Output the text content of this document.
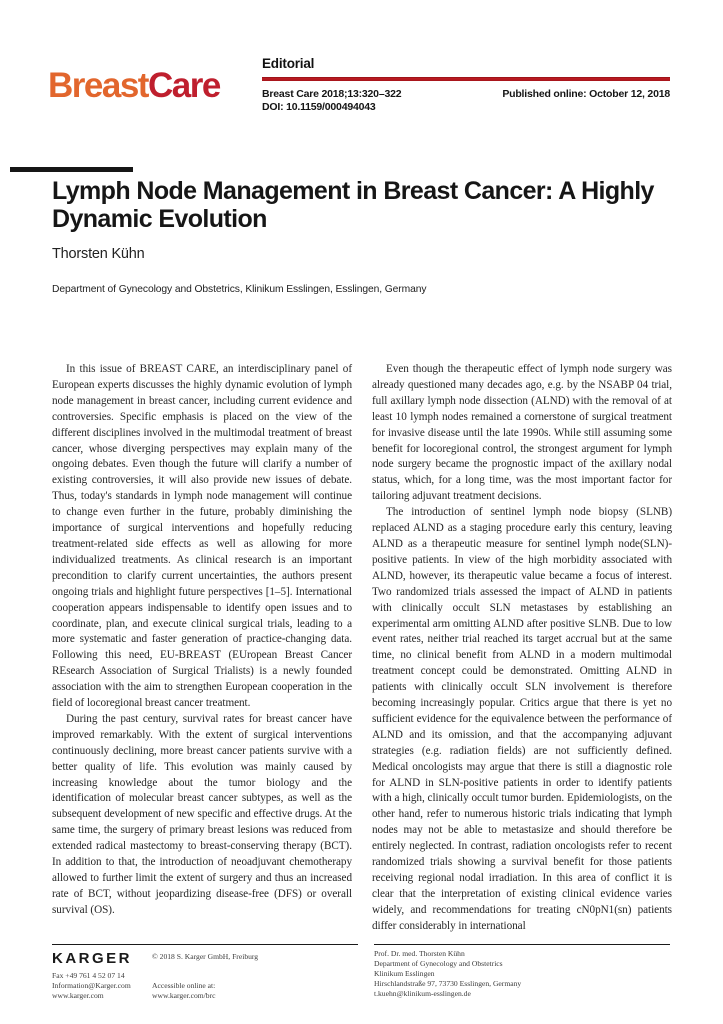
BreastCare
Editorial
Breast Care 2018;13:320–322
DOI: 10.1159/000494043
Published online: October 12, 2018
Lymph Node Management in Breast Cancer: A Highly Dynamic Evolution
Thorsten Kühn
Department of Gynecology and Obstetrics, Klinikum Esslingen, Esslingen, Germany

In this issue of BREAST CARE, an interdisciplinary panel of European experts discusses the highly dynamic evolution of lymph node management in breast cancer, including current evidence and controversies. Specific emphasis is placed on the view of the different disciplines involved in the multimodal treatment of breast cancer, whose diverging perspectives may explain many of the ongoing debates. Even though the future will clarify a number of existing controversies, it will also provide new issues of debate. Thus, today's standards in lymph node management will continue to change even further in the future, probably diminishing the importance of surgical interventions and hopefully reducing treatment-related side effects as well as allowing for more individualized treatments. As clinical research is an important precondition to clarify current uncertainties, the authors present ongoing trials and highlight future perspectives [1–5]. International cooperation appears indispensable to identify open issues and to coordinate, plan, and execute clinical surgical trials, leading to a more systematic and faster generation of practice-changing data. Following this need, EU-BREAST (EUropean Breast Cancer REsearch Association of Surgical Trialists) is a newly founded association with the aim to strengthen European cooperation in the field of locoregional breast cancer treatment.

During the past century, survival rates for breast cancer have improved remarkably. With the extent of surgical interventions continuously declining, more breast cancer patients survive with a better quality of life. This evolution was mainly caused by increasing knowledge about the tumor biology and the identification of molecular breast cancer subtypes, as well as the subsequent development of new specific and effective drugs. At the same time, the surgery of primary breast lesions was reduced from extended radical mastectomy to breast-conserving therapy (BCT). In addition to that, the introduction of neoadjuvant chemotherapy allowed to further limit the extent of surgery and thus an increased rate of BCT, without jeopardizing disease-free (DFS) or overall survival (OS).

Even though the therapeutic effect of lymph node surgery was already questioned many decades ago, e.g. by the NSABP 04 trial, full axillary lymph node dissection (ALND) with the removal of at least 10 lymph nodes remained a cornerstone of surgical treatment for invasive disease until the late 1990s. While still assuming some benefit for locoregional control, the strongest argument for lymph node surgery became the prognostic impact of the axillary nodal status, which, for a long time, was the most important factor for tailoring adjuvant treatment decisions.

The introduction of sentinel lymph node biopsy (SLNB) replaced ALND as a staging procedure early this century, leaving ALND as a therapeutic measure for sentinel lymph node(SLN)-positive patients. In view of the high morbidity associated with ALND, however, its therapeutic value became a focus of interest. Two randomized trials assessed the impact of ALND in patients with clinically occult SLN metastases by establishing an experimental arm omitting ALND after positive SLNB. Due to low event rates, neither trial reached its target accrual but at the same time, no clinical benefit from ALND in a modern multimodal treatment concept could be demonstrated. Omitting ALND in patients with clinically occult SLN involvement is therefore becoming increasingly popular. Critics argue that there is yet no sufficient evidence for the equivalence between the performance of ALND and its omission, and that the accompanying adjuvant strategies (e.g. radiation fields) are not sufficiently defined. Medical oncologists may argue that there is still a diagnostic role for ALND in SLN-positive patients in order to identify patients with a high, clinically occult tumor burden. Epidemiologists, on the other hand, refer to numerous historic trials indicating that lymph nodes may not be able to metastasize and should therefore be entirely neglected. In contrast, radiation oncologists refer to recent randomized trials showing a survival benefit for those patients receiving regional nodal irradiation. In this area of conflict it is clear that the interpretation of existing clinical evidence varies widely, and recommendations for treating cN0pN1(sn) patients differ considerably in international

KARGER
Fax +49 761 4 52 07 14
Information@Karger.com
www.karger.com
© 2018 S. Karger GmbH, Freiburg
Accessible online at:
www.karger.com/brc
Prof. Dr. med. Thorsten Kühn
Department of Gynecology and Obstetrics
Klinikum Esslingen
Hirschlandstraße 97, 73730 Esslingen, Germany
t.kuehn@klinikum-esslingen.de
